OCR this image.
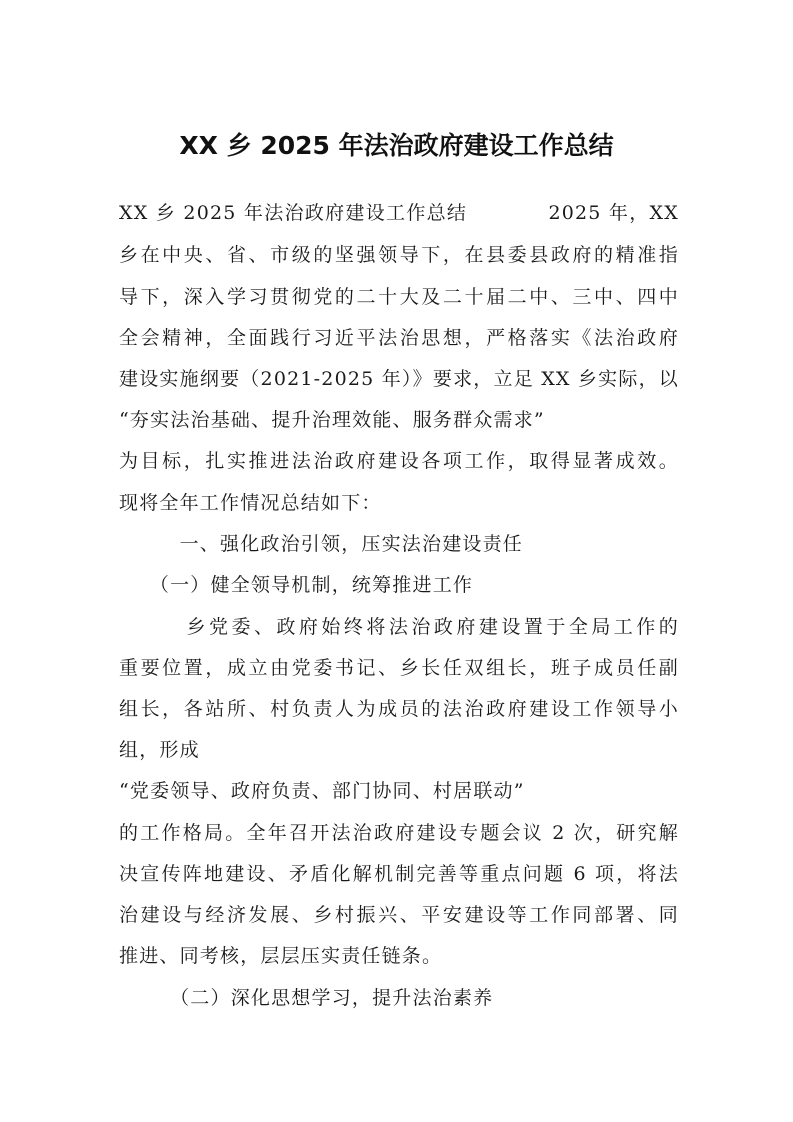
XX 乡 2025 年法治政府建设工作总结
XX 乡 2025 年法治政府建设工作总结　　　　2025 年，XX
乡在中央、省、市级的坚强领导下，在县委县政府的精准指
导下，深入学习贯彻党的二十大及二十届二中、三中、四中
全会精神，全面践行习近平法治思想，严格落实《法治政府
建设实施纲要（2021-2025 年）》要求，立足 XX 乡实际，以
“夯实法治基础、提升治理效能、服务群众需求”
为目标，扎实推进法治政府建设各项工作，取得显著成效。
现将全年工作情况总结如下：
　　　一、强化政治引领，压实法治建设责任
　　（一）健全领导机制，统筹推进工作
　　　乡党委、政府始终将法治政府建设置于全局工作的
重要位置，成立由党委书记、乡长任双组长，班子成员任副
组长，各站所、村负责人为成员的法治政府建设工作领导小
组，形成
“党委领导、政府负责、部门协同、村居联动”
的工作格局。全年召开法治政府建设专题会议 2 次，研究解
决宣传阵地建设、矛盾化解机制完善等重点问题 6 项，将法
治建设与经济发展、乡村振兴、平安建设等工作同部署、同
推进、同考核，层层压实责任链条。
　　　（二）深化思想学习，提升法治素养
